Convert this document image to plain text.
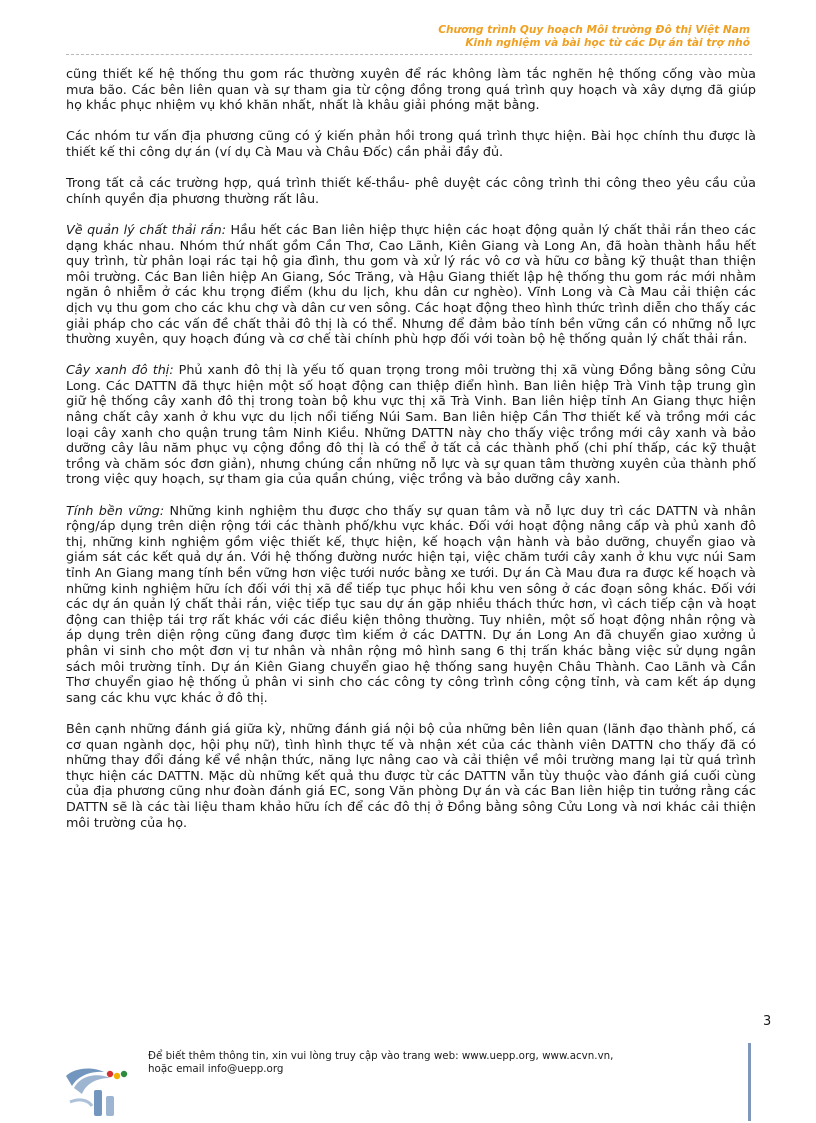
Chương trình Quy hoạch Môi trường Đô thị Việt Nam
Kinh nghiệm và bài học từ các Dự án tài trợ nhỏ

cũng thiết kế hệ thống thu gom rác thường xuyên để rác không làm tắc nghẽn hệ thống cống vào mùa mưa bão. Các bên liên quan và sự tham gia từ cộng đồng trong quá trình quy hoạch và xây dựng đã giúp họ khắc phục nhiệm vụ khó khăn nhất, nhất là khâu giải phóng mặt bằng.

Các nhóm tư vấn địa phương cũng có ý kiến phản hồi trong quá trình thực hiện. Bài học chính thu được là thiết kế thi công dự án (ví dụ Cà Mau và Châu Đốc) cần phải đầy đủ.

Trong tất cả các trường hợp, quá trình thiết kế-thầu- phê duyệt các công trình thi công theo yêu cầu của chính quyền địa phương thường rất lâu.

Về quản lý chất thải rắn: Hầu hết các Ban liên hiệp thực hiện các hoạt động quản lý chất thải rắn theo các dạng khác nhau. Nhóm thứ nhất gồm Cần Thơ, Cao Lãnh, Kiên Giang và Long An, đã hoàn thành hầu hết quy trình, từ phân loại rác tại hộ gia đình, thu gom và xử lý rác vô cơ và hữu cơ bằng kỹ thuật than thiện môi trường. Các Ban liên hiệp An Giang, Sóc Trăng, và Hậu Giang thiết lập hệ thống thu gom rác mới nhằm ngăn ô nhiễm ở các khu trọng điểm (khu du lịch, khu dân cư nghèo). Vĩnh Long và Cà Mau cải thiện các dịch vụ thu gom cho các khu chợ và dân cư ven sông. Các hoạt động theo hình thức trình diễn cho thấy các giải pháp cho các vấn đề chất thải đô thị là có thể. Nhưng để đảm bảo tính bền vững cần có những nỗ lực thường xuyên, quy hoạch đúng và cơ chế tài chính phù hợp đối với toàn bộ hệ thống quản lý chất thải rắn.

Cây xanh đô thị: Phủ xanh đô thị là yếu tố quan trọng trong môi trường thị xã vùng Đồng bằng sông Cửu Long. Các DATTN đã thực hiện một số hoạt động can thiệp điển hình. Ban liên hiệp Trà Vinh tập trung gìn giữ hệ thống cây xanh đô thị trong toàn bộ khu vực thị xã Trà Vinh. Ban liên hiệp tỉnh An Giang thực hiện nâng chất cây xanh ở khu vực du lịch nổi tiếng Núi Sam. Ban liên hiệp Cần Thơ thiết kế và trồng mới các loại cây xanh cho quận trung tâm Ninh Kiều. Những DATTN này cho thấy việc trồng mới cây xanh và bảo dưỡng cây lâu năm phục vụ cộng đồng đô thị là có thể ở tất cả các thành phố (chi phí thấp, các kỹ thuật trồng và chăm sóc đơn giản), nhưng chúng cần những nỗ lực và sự quan tâm thường xuyên của thành phố trong việc quy hoạch, sự tham gia của quần chúng, việc trồng và bảo dưỡng cây xanh.

Tính bền vững: Những kinh nghiệm thu được cho thấy sự quan tâm và nỗ lực duy trì các DATTN và nhân rộng/áp dụng trên diện rộng tới các thành phố/khu vực khác. Đối với hoạt động nâng cấp và phủ xanh đô thị, những kinh nghiệm gồm việc thiết kế, thực hiện, kế hoạch vận hành và bảo dưỡng, chuyển giao và giám sát các kết quả dự án. Với hệ thống đường nước hiện tại, việc chăm tưới cây xanh ở khu vực núi Sam tỉnh An Giang mang tính bền vững hơn việc tưới nước bằng xe tưới. Dự án Cà Mau đưa ra được kế hoạch và những kinh nghiệm hữu ích đối với thị xã để tiếp tục phục hồi khu ven sông ở các đoạn sông khác. Đối với các dự án quản lý chất thải rắn, việc tiếp tục sau dự án gặp nhiều thách thức hơn, vì cách tiếp cận và hoạt động can thiệp tái trợ rất khác với các điều kiện thông thường. Tuy nhiên, một số hoạt động nhân rộng và áp dụng trên diện rộng cũng đang được tìm kiếm ở các DATTN. Dự án Long An đã chuyển giao xưởng ủ phân vi sinh cho một đơn vị tư nhân và nhân rộng mô hình sang 6 thị trấn khác bằng việc sử dụng ngân sách môi trường tỉnh. Dự án Kiên Giang chuyển giao hệ thống sang huyện Châu Thành. Cao Lãnh và Cần Thơ chuyển giao hệ thống ủ phân vi sinh cho các công ty công trình công cộng tỉnh, và cam kết áp dụng sang các khu vực khác ở đô thị.

Bên cạnh những đánh giá giữa kỳ, những đánh giá nội bộ của những bên liên quan (lãnh đạo thành phố, cá cơ quan ngành dọc, hội phụ nữ), tình hình thực tế và nhận xét của các thành viên DATTN cho thấy đã có những thay đổi đáng kể về nhận thức, năng lực nâng cao và cải thiện về môi trường mang lại từ quá trình thực hiện các DATTN. Mặc dù những kết quả thu được từ các DATTN vẫn tùy thuộc vào đánh giá cuối cùng của địa phương cũng như đoàn đánh giá EC, song Văn phòng Dự án và các Ban liên hiệp tin tưởng rằng các DATTN sẽ là các tài liệu tham khảo hữu ích để các đô thị ở Đồng bằng sông Cửu Long và nơi khác cải thiện môi trường của họ.

Để biết thêm thông tin, xin vui lòng truy cập vào trang web: www.uepp.org, www.acvn.vn,
hoặc email info@uepp.org
3
